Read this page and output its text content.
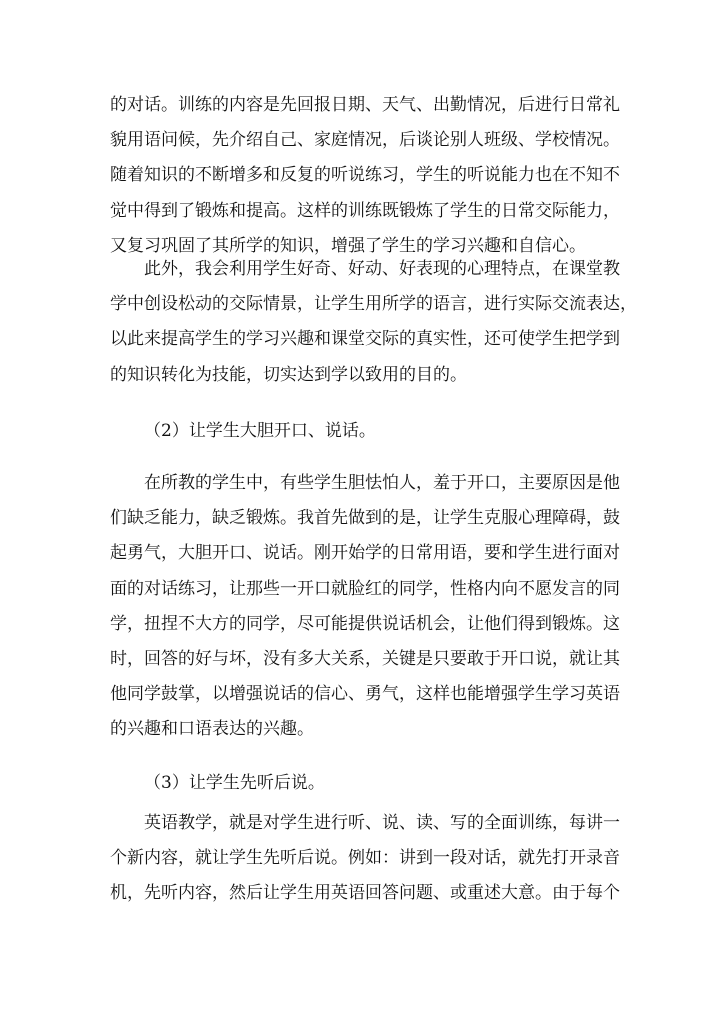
的对话。训练的内容是先回报日期、天气、出勤情况，后进行日常礼
貌用语问候，先介绍自己、家庭情况，后谈论别人班级、学校情况。
随着知识的不断增多和反复的听说练习，学生的听说能力也在不知不
觉中得到了锻炼和提高。这样的训练既锻炼了学生的日常交际能力，
又复习巩固了其所学的知识，增强了学生的学习兴趣和自信心。
此外，我会利用学生好奇、好动、好表现的心理特点，在课堂教
学中创设松动的交际情景，让学生用所学的语言，进行实际交流表达，
以此来提高学生的学习兴趣和课堂交际的真实性，还可使学生把学到
的知识转化为技能，切实达到学以致用的目的。
（2）让学生大胆开口、说话。
在所教的学生中，有些学生胆怯怕人，羞于开口，主要原因是他
们缺乏能力，缺乏锻炼。我首先做到的是，让学生克服心理障碍，鼓
起勇气，大胆开口、说话。刚开始学的日常用语，要和学生进行面对
面的对话练习，让那些一开口就脸红的同学，性格内向不愿发言的同
学，扭捏不大方的同学，尽可能提供说话机会，让他们得到锻炼。这
时，回答的好与坏，没有多大关系，关键是只要敢于开口说，就让其
他同学鼓掌，以增强说话的信心、勇气，这样也能增强学生学习英语
的兴趣和口语表达的兴趣。
（3）让学生先听后说。
英语教学，就是对学生进行听、说、读、写的全面训练，每讲一
个新内容，就让学生先听后说。例如：讲到一段对话，就先打开录音
机，先听内容，然后让学生用英语回答问题、或重述大意。由于每个
